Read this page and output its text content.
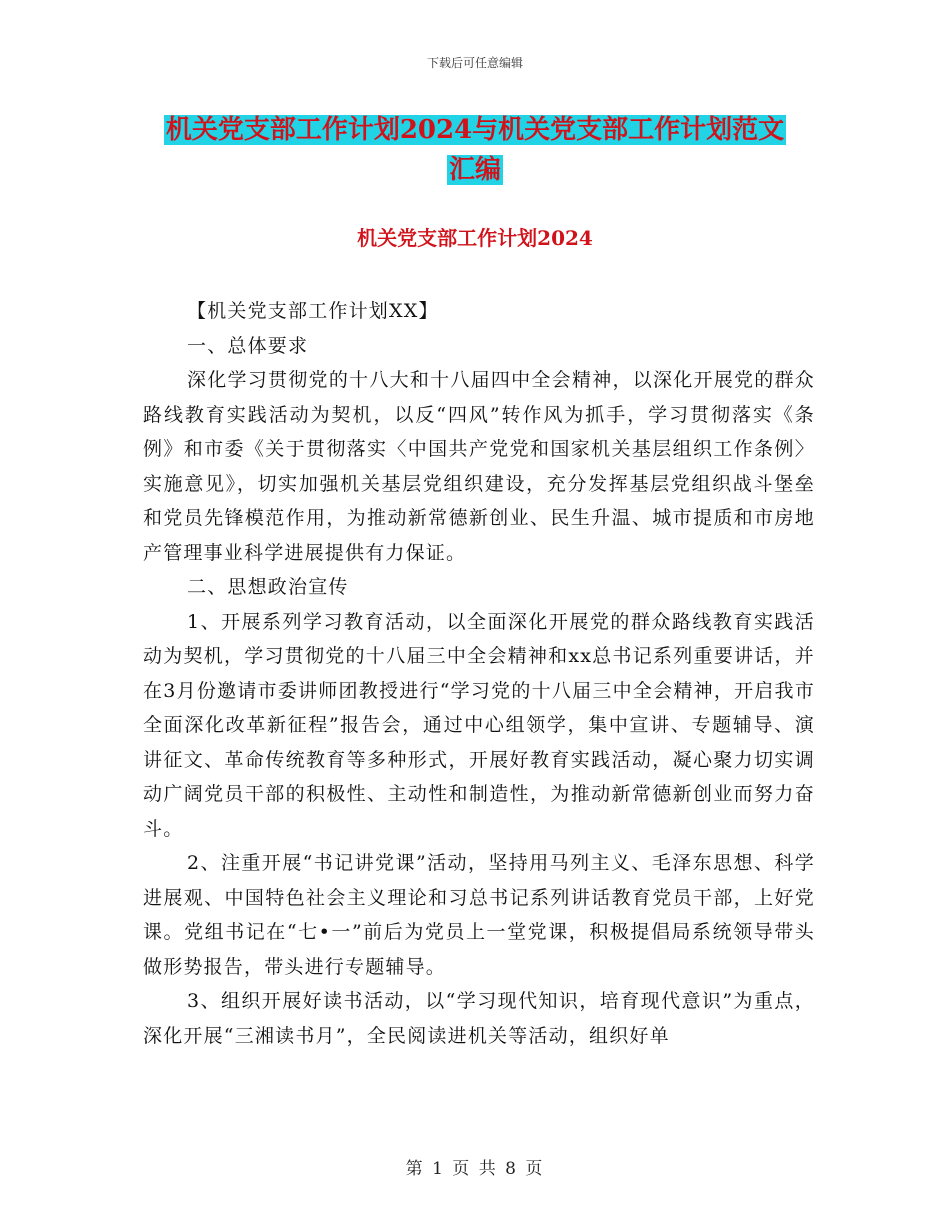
下载后可任意编辑
机关党支部工作计划2024与机关党支部工作计划范文
汇编
机关党支部工作计划2024

【机关党支部工作计划XX】

一、总体要求

深化学习贯彻党的十八大和十八届四中全会精神，以深化开展党的群众路线教育实践活动为契机，以反“四风”转作风为抓手，学习贯彻落实《条例》和市委《关于贯彻落实〈中国共产党党和国家机关基层组织工作条例〉实施意见》，切实加强机关基层党组织建设，充分发挥基层党组织战斗堡垒和党员先锋模范作用，为推动新常德新创业、民生升温、城市提质和市房地产管理事业科学进展提供有力保证。

二、思想政治宣传

1、开展系列学习教育活动，以全面深化开展党的群众路线教育实践活动为契机，学习贯彻党的十八届三中全会精神和xx总书记系列重要讲话，并在3月份邀请市委讲师团教授进行“学习党的十八届三中全会精神，开启我市全面深化改革新征程”报告会，通过中心组领学，集中宣讲、专题辅导、演讲征文、革命传统教育等多种形式，开展好教育实践活动，凝心聚力切实调动广阔党员干部的积极性、主动性和制造性，为推动新常德新创业而努力奋斗。

2、注重开展“书记讲党课”活动，坚持用马列主义、毛泽东思想、科学进展观、中国特色社会主义理论和习总书记系列讲话教育党员干部，上好党课。党组书记在“七•一”前后为党员上一堂党课，积极提倡局系统领导带头做形势报告，带头进行专题辅导。

3、组织开展好读书活动，以“学习现代知识，培育现代意识”为重点，深化开展“三湘读书月”，全民阅读进机关等活动，组织好单

第 1 页 共 8 页
